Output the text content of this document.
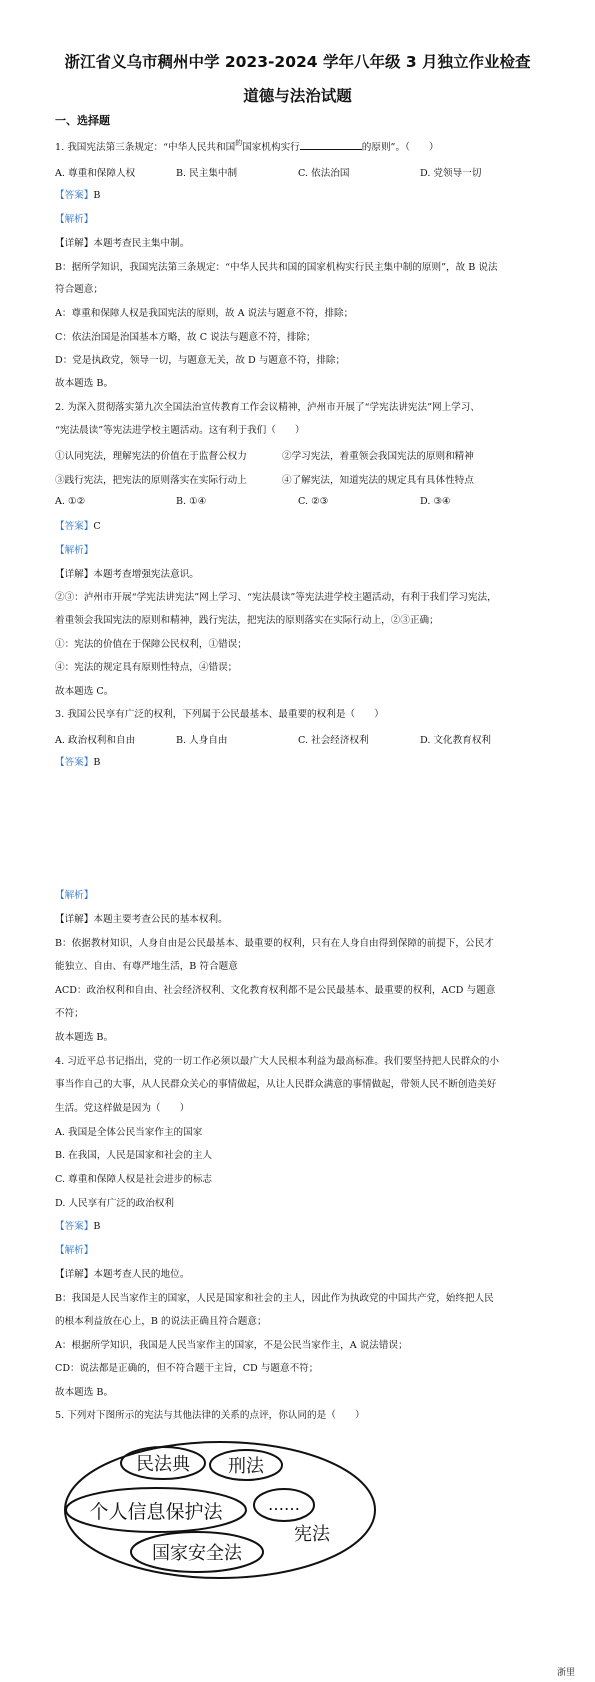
浙江省义乌市稠州中学 2023-2024 学年八年级 3 月独立作业检查
道德与法治试题
一、选择题
1. 我国宪法第三条规定：“中华人民共和国$^的$国家机构实行	的原则”。（　　）
A. 尊重和保障人权	B. 民主集中制	C. 依法治国	D. 党领导一切
【答案】B
【解析】
【详解】本题考查民主集中制。
B：据所学知识，我国宪法第三条规定：“中华人民共和国的国家机构实行民主集中制的原则”，故 B 说法
符合题意；
A：尊重和保障人权是我国宪法的原则，故 A 说法与题意不符，排除；
C：依法治国是治国基本方略，故 C 说法与题意不符，排除；
D：党是执政党，领导一切，与题意无关，故 D 与题意不符，排除；
故本题选 B。
2. 为深入贯彻落实第九次全国法治宣传教育工作会议精神，泸州市开展了“学宪法讲宪法”网上学习、
“宪法晨读”等宪法进学校主题活动。这有利于我们（　　）
①认同宪法，理解宪法的价值在于监督公权力	②学习宪法，着重领会我国宪法的原则和精神
③践行宪法，把宪法的原则落实在实际行动上	④了解宪法，知道宪法的规定具有具体性特点
A. ①②	B. ①④	C. ②③	D. ③④
【答案】C
【解析】
【详解】本题考查增强宪法意识。
②③：泸州市开展“学宪法讲宪法”网上学习、“宪法晨读”等宪法进学校主题活动，有利于我们学习宪法，
着重领会我国宪法的原则和精神，践行宪法，把宪法的原则落实在实际行动上，②③正确；
①：宪法的价值在于保障公民权利，①错误；
④：宪法的规定具有原则性特点，④错误；
故本题选 C。
3. 我国公民享有广泛的权利，下列属于公民最基本、最重要的权利是（　　）
A. 政治权利和自由	B. 人身自由	C. 社会经济权利	D. 文化教育权利
【答案】B
【解析】
【详解】本题主要考查公民的基本权利。
B：依据教材知识，人身自由是公民最基本、最重要的权利，只有在人身自由得到保障的前提下，公民才
能独立、自由、有尊严地生活，B 符合题意
ACD：政治权利和自由、社会经济权利、文化教育权利都不是公民最基本、最重要的权利，ACD 与题意
不符；
故本题选 B。
4. 习近平总书记指出，党的一切工作必须以最广大人民根本利益为最高标准。我们要坚持把人民群众的小
事当作自己的大事，从人民群众关心的事情做起，从让人民群众满意的事情做起，带领人民不断创造美好
生活。党这样做是因为（　　）
A. 我国是全体公民当家作主的国家
B. 在我国，人民是国家和社会的主人
C. 尊重和保障人权是社会进步的标志
D. 人民享有广泛的政治权利
【答案】B
【解析】
【详解】本题考查人民的地位。
B：我国是人民当家作主的国家，人民是国家和社会的主人，因此作为执政党的中国共产党，始终把人民
的根本利益放在心上，B 的说法正确且符合题意；
A：根据所学知识，我国是人民当家作主的国家，不是公民当家作主，A 说法错误；
CD：说法都是正确的，但不符合题干主旨，CD 与题意不符；
故本题选 B。
5. 下列对下图所示的宪法与其他法律的关系的点评，你认同的是（　　）
民法典 刑法
个人信息保护法	……
宪法
国家安全法
浙里
